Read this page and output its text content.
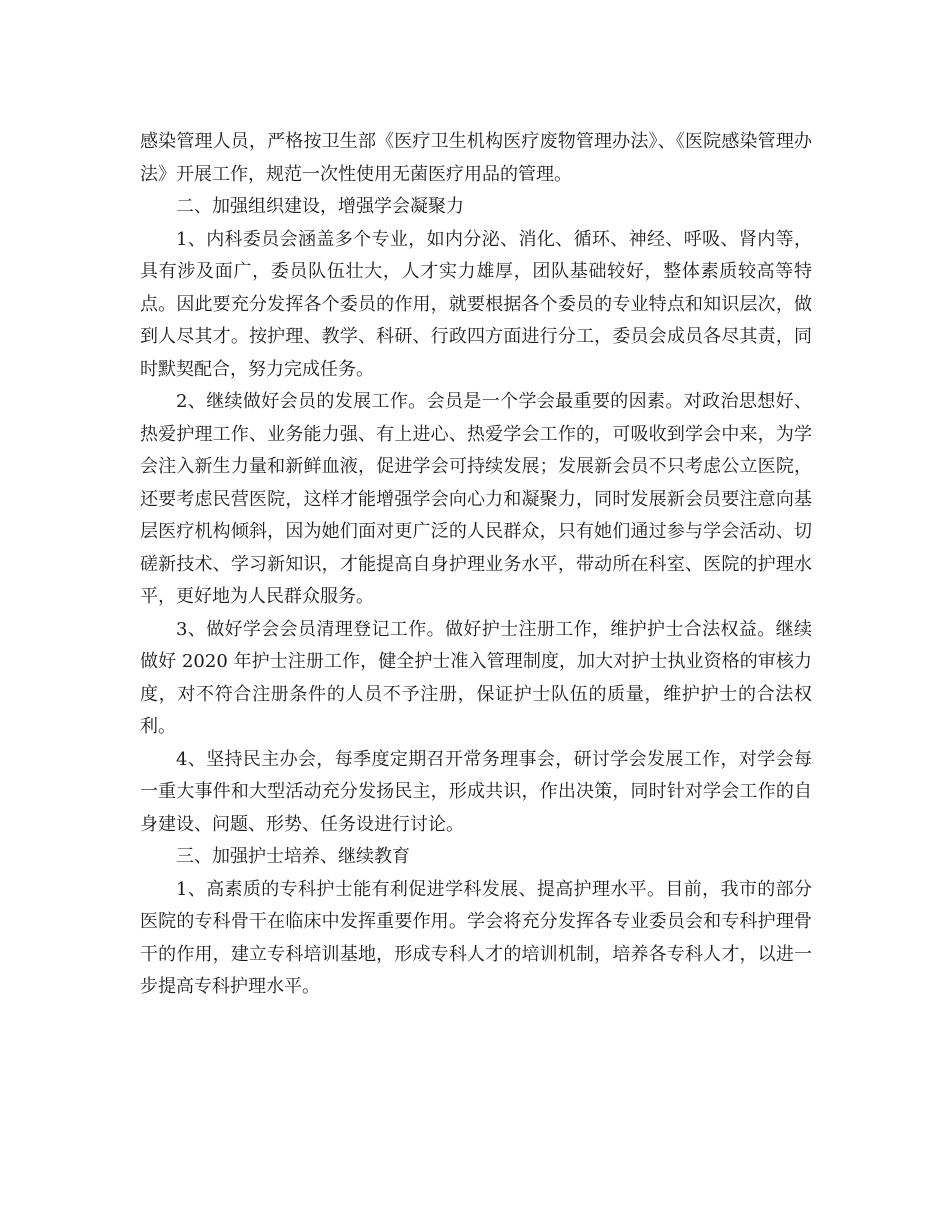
感染管理人员，严格按卫生部《医疗卫生机构医疗废物管理办法》、《医院感染管理办法》开展工作，规范一次性使用无菌医疗用品的管理。

二、加强组织建设，增强学会凝聚力

1、内科委员会涵盖多个专业，如内分泌、消化、循环、神经、呼吸、肾内等，具有涉及面广，委员队伍壮大，人才实力雄厚，团队基础较好，整体素质较高等特点。因此要充分发挥各个委员的作用，就要根据各个委员的专业特点和知识层次，做到人尽其才。按护理、教学、科研、行政四方面进行分工，委员会成员各尽其责，同时默契配合，努力完成任务。

2、继续做好会员的发展工作。会员是一个学会最重要的因素。对政治思想好、热爱护理工作、业务能力强、有上进心、热爱学会工作的，可吸收到学会中来，为学会注入新生力量和新鲜血液，促进学会可持续发展；发展新会员不只考虑公立医院，还要考虑民营医院，这样才能增强学会向心力和凝聚力，同时发展新会员要注意向基层医疗机构倾斜，因为她们面对更广泛的人民群众，只有她们通过参与学会活动、切磋新技术、学习新知识，才能提高自身护理业务水平，带动所在科室、医院的护理水平，更好地为人民群众服务。

3、做好学会会员清理登记工作。做好护士注册工作，维护护士合法权益。继续做好 2020 年护士注册工作，健全护士准入管理制度，加大对护士执业资格的审核力度，对不符合注册条件的人员不予注册，保证护士队伍的质量，维护护士的合法权利。

4、坚持民主办会，每季度定期召开常务理事会，研讨学会发展工作，对学会每一重大事件和大型活动充分发扬民主，形成共识，作出决策，同时针对学会工作的自身建设、问题、形势、任务设进行讨论。

三、加强护士培养、继续教育

1、高素质的专科护士能有利促进学科发展、提高护理水平。目前，我市的部分医院的专科骨干在临床中发挥重要作用。学会将充分发挥各专业委员会和专科护理骨干的作用，建立专科培训基地，形成专科人才的培训机制，培养各专科人才，以进一步提高专科护理水平。
